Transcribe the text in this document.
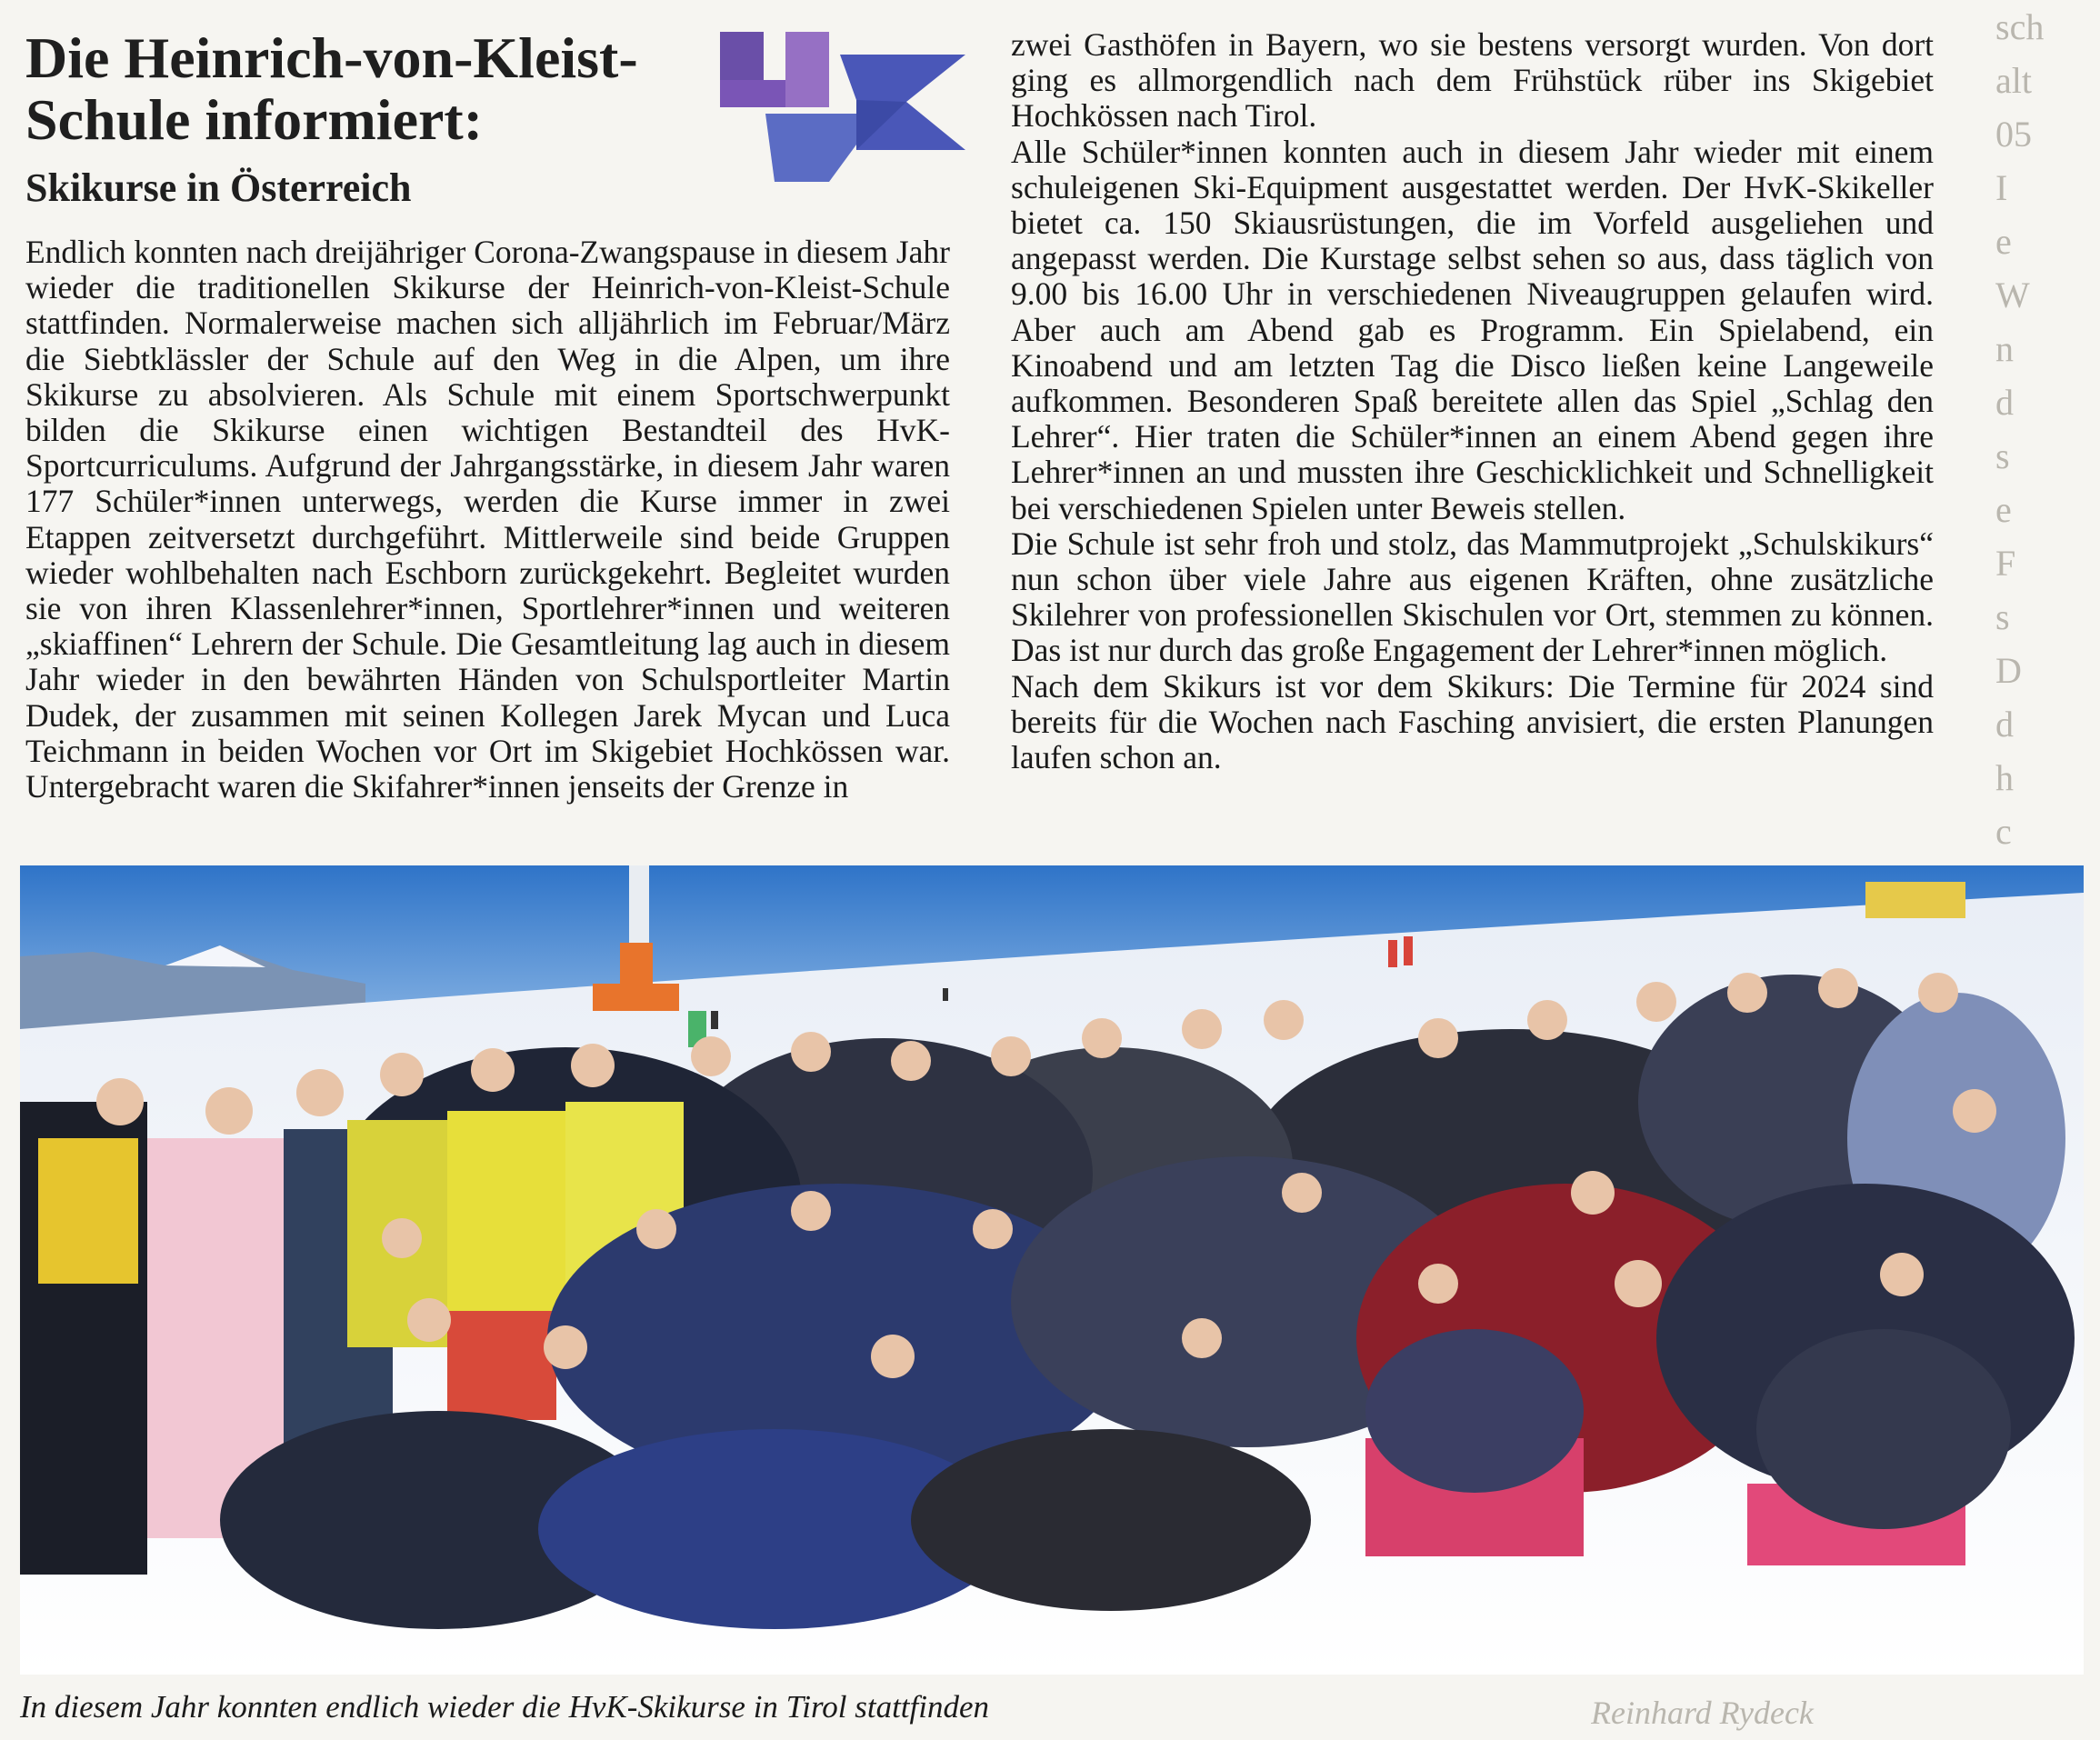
sch
alt
05
I
e
W
n
d
s
e
F
s
D
d
h
c
Reinhard Rydeck
Die Heinrich-von-Kleist-Schule informiert:
Skikurse in Österreich

Endlich konnten nach dreijähriger Corona-Zwangspause in diesem Jahr wieder die traditionellen Skikurse der Heinrich-von-Kleist-Schule stattfinden. Normalerweise machen sich alljährlich im Februar/März die Siebtklässler der Schule auf den Weg in die Alpen, um ihre Skikurse zu absolvieren. Als Schule mit einem Sportschwerpunkt bilden die Skikurse einen wichtigen Bestandteil des HvK-Sportcurriculums. Aufgrund der Jahrgangsstärke, in diesem Jahr waren 177 Schüler*innen unterwegs, werden die Kurse immer in zwei Etappen zeitversetzt durchgeführt. Mittlerweile sind beide Gruppen wieder wohlbehalten nach Eschborn zurückgekehrt. Begleitet wurden sie von ihren Klassenlehrer*innen, Sportlehrer*innen und weiteren „skiaffinen“ Lehrern der Schule. Die Gesamtleitung lag auch in diesem Jahr wieder in den bewährten Händen von Schulsportleiter Martin Dudek, der zusammen mit seinen Kollegen Jarek Mycan und Luca Teichmann in beiden Wochen vor Ort im Skigebiet Hochkössen war. Untergebracht waren die Skifahrer*innen jenseits der Grenze in

zwei Gasthöfen in Bayern, wo sie bestens versorgt wurden. Von dort ging es allmorgendlich nach dem Frühstück rüber ins Skigebiet Hochkössen nach Tirol.

Alle Schüler*innen konnten auch in diesem Jahr wieder mit einem schuleigenen Ski-Equipment ausgestattet werden. Der HvK-Skikeller bietet ca. 150 Skiausrüstungen, die im Vorfeld ausgeliehen und angepasst werden. Die Kurstage selbst sehen so aus, dass täglich von 9.00 bis 16.00 Uhr in verschiedenen Niveaugruppen gelaufen wird. Aber auch am Abend gab es Programm. Ein Spielabend, ein Kinoabend und am letzten Tag die Disco ließen keine Langeweile aufkommen. Besonderen Spaß bereitete allen das Spiel „Schlag den Lehrer“. Hier traten die Schüler*innen an einem Abend gegen ihre Lehrer*innen an und mussten ihre Geschicklichkeit und Schnelligkeit bei verschiedenen Spielen unter Beweis stellen.

Die Schule ist sehr froh und stolz, das Mammutprojekt „Schulskikurs“ nun schon über viele Jahre aus eigenen Kräften, ohne zusätzliche Skilehrer von professionellen Skischulen vor Ort, stemmen zu können. Das ist nur durch das große Engagement der Lehrer*innen möglich.

Nach dem Skikurs ist vor dem Skikurs: Die Termine für 2024 sind bereits für die Wochen nach Fasching anvisiert, die ersten Planungen laufen schon an.

In diesem Jahr konnten endlich wieder die HvK-Skikurse in Tirol stattfinden
